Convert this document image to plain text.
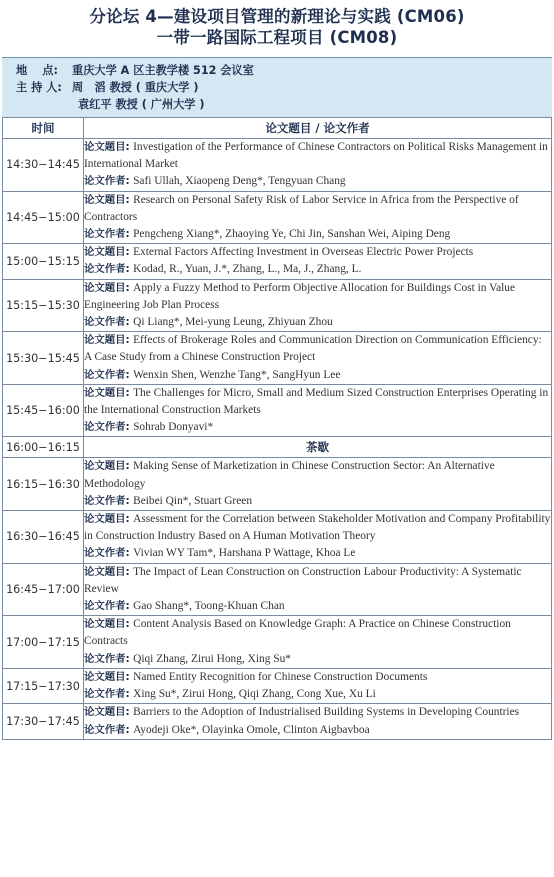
分论坛 4—建设项目管理的新理论与实践 (CM06)
一带一路国际工程项目 (CM08)
地　 点:	重庆大学 A 区主教学楼 512 会议室
主 持 人: 周　滔 教授 ( 重庆大学 )
袁红平 教授 ( 广州大学 )
时间	论文题目 / 论文作者
14:30−14:45	论文题目: Investigation of the Performance of Chinese Contractors on Political Risks Management in International Market
论文作者: Safi Ullah, Xiaopeng Deng*, Tengyuan Chang

14:45−15:00	论文题目: Research on Personal Safety Risk of Labor Service in Africa from the Perspective of Contractors
论文作者: Pengcheng Xiang*, Zhaoying Ye, Chi Jin, Sanshan Wei, Aiping Deng

15:00−15:15	论文题目: External Factors Affecting Investment in Overseas Electric Power Projects
论文作者: Kodad, R., Yuan, J.*, Zhang, L., Ma, J., Zhang, L.

15:15−15:30	论文题目: Apply a Fuzzy Method to Perform Objective Allocation for Buildings Cost in Value Engineering Job Plan Process
论文作者: Qi Liang*, Mei-yung Leung, Zhiyuan Zhou

15:30−15:45	论文题目: Effects of Brokerage Roles and Communication Direction on Communication Efficiency: A Case Study from a Chinese Construction Project
论文作者: Wenxin Shen, Wenzhe Tang*, SangHyun Lee

15:45−16:00	论文题目: The Challenges for Micro, Small and Medium Sized Construction Enterprises Operating in the International Construction Markets
论文作者: Sohrab Donyavi*

16:00−16:15	茶歇
16:15−16:30	论文题目: Making Sense of Marketization in Chinese Construction Sector: An Alternative Methodology
论文作者: Beibei Qin*, Stuart Green

16:30−16:45	论文题目: Assessment for the Correlation between Stakeholder Motivation and Company Profitability in Construction Industry Based on A Human Motivation Theory
论文作者: Vivian WY Tam*, Harshana P Wattage, Khoa Le

16:45−17:00	论文题目: The Impact of Lean Construction on Construction Labour Productivity: A Systematic Review
论文作者: Gao Shang*, Toong-Khuan Chan

17:00−17:15	论文题目: Content Analysis Based on Knowledge Graph: A Practice on Chinese Construction Contracts
论文作者: Qiqi Zhang, Zirui Hong, Xing Su*

17:15−17:30	论文题目: Named Entity Recognition for Chinese Construction Documents
论文作者: Xing Su*, Zirui Hong, Qiqi Zhang, Cong Xue, Xu Li

17:30−17:45	论文题目: Barriers to the Adoption of Industrialised Building Systems in Developing Countries
论文作者: Ayodeji Oke*, Olayinka Omole, Clinton Aigbavboa
